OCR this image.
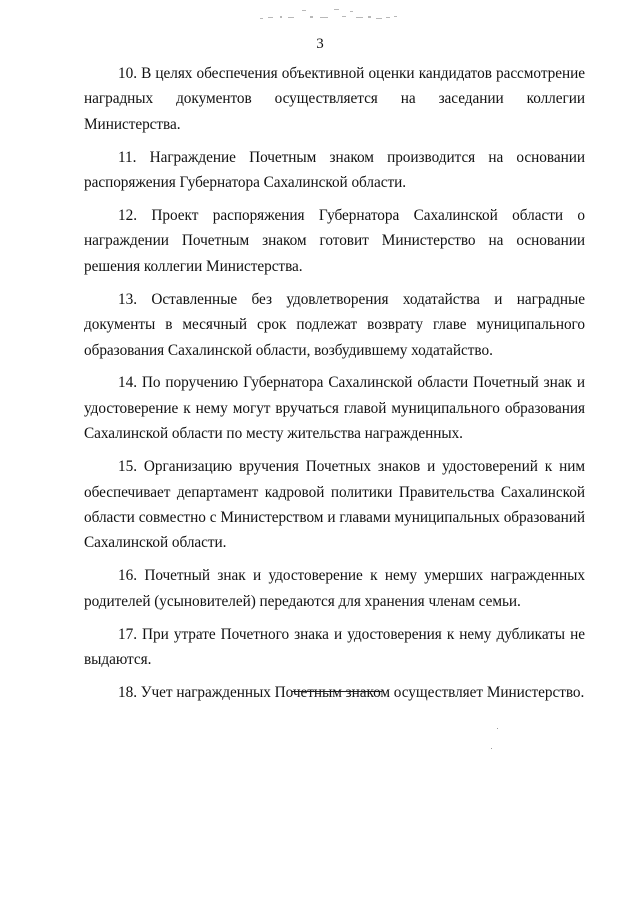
3

10. В целях обеспечения объективной оценки кандидатов рассмотрение наградных документов осуществляется на заседании коллегии Министерства.

11. Награждение Почетным знаком производится на основании распоряжения Губернатора Сахалинской области.

12. Проект распоряжения Губернатора Сахалинской области о награждении Почетным знаком готовит Министерство на основании решения коллегии Министерства.

13. Оставленные без удовлетворения ходатайства и наградные документы в месячный срок подлежат возврату главе муниципального образования Сахалинской области, возбудившему ходатайство.

14. По поручению Губернатора Сахалинской области Почетный знак и удостоверение к нему могут вручаться главой муниципального образования Сахалинской области по месту жительства награжденных.

15. Организацию вручения Почетных знаков и удостоверений к ним обеспечивает департамент кадровой политики Правительства Сахалинской области совместно с Министерством и главами муниципальных образований Сахалинской области.

16. Почетный знак и удостоверение к нему умерших награжденных родителей (усыновителей) передаются для хранения членам семьи.

17. При утрате Почетного знака и удостоверения к нему дубликаты не выдаются.

18. Учет награжденных Почетным знаком осуществляет Министерство.
